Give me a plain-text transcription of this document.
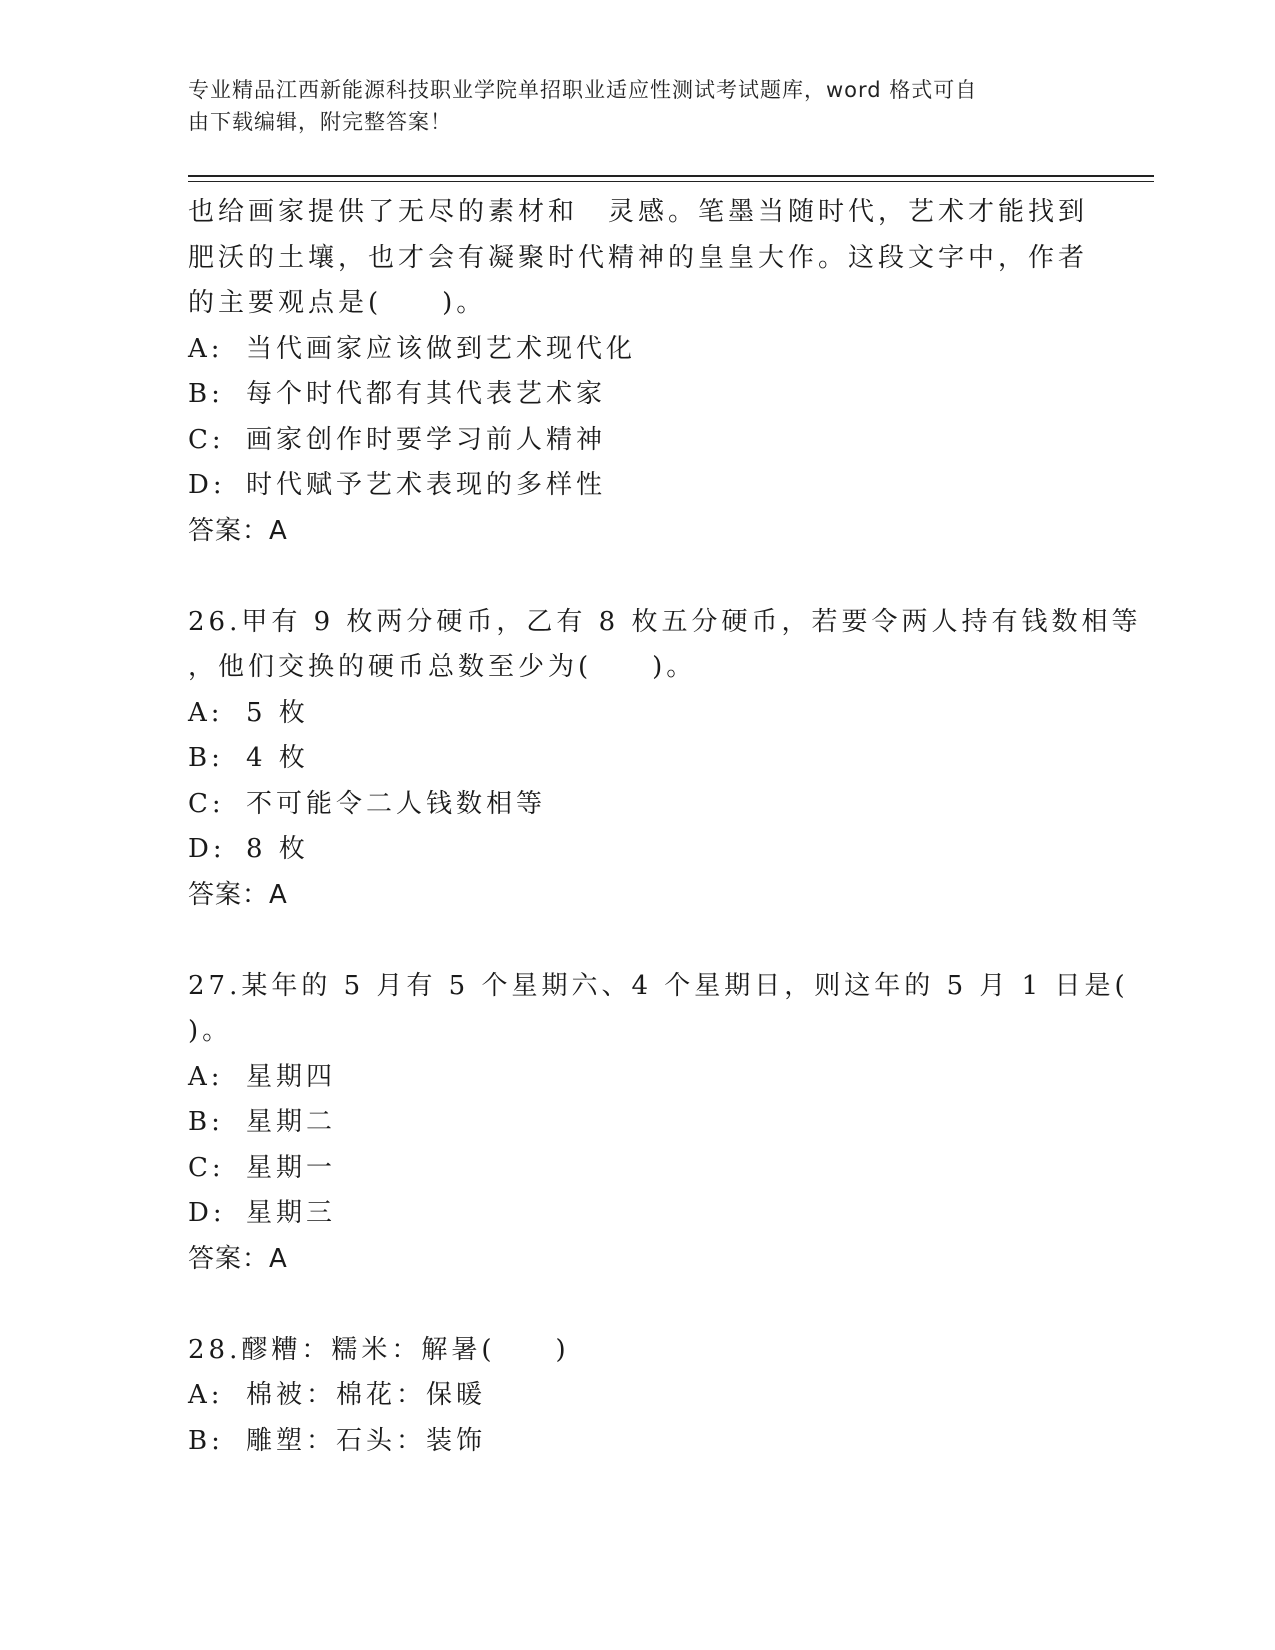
专业精品江西新能源科技职业学院单招职业适应性测试考试题库，word 格式可自
由下载编辑，附完整答案！
也给画家提供了无尽的素材和　灵感。笔墨当随时代，艺术才能找到
肥沃的土壤，也才会有凝聚时代精神的皇皇大作。这段文字中，作者
的主要观点是(　　)。
A: 当代画家应该做到艺术现代化
B: 每个时代都有其代表艺术家
C: 画家创作时要学习前人精神
D: 时代赋予艺术表现的多样性
答案：A
26.甲有 9 枚两分硬币，乙有 8 枚五分硬币，若要令两人持有钱数相等
，他们交换的硬币总数至少为(　　)。
A: 5 枚
B: 4 枚
C: 不可能令二人钱数相等
D: 8 枚
答案：A
27.某年的 5 月有 5 个星期六、4 个星期日，则这年的 5 月 1 日是(
)。
A: 星期四
B: 星期二
C: 星期一
D: 星期三
答案：A
28.醪糟：糯米：解暑(　　)
A: 棉被：棉花：保暖
B: 雕塑：石头：装饰
